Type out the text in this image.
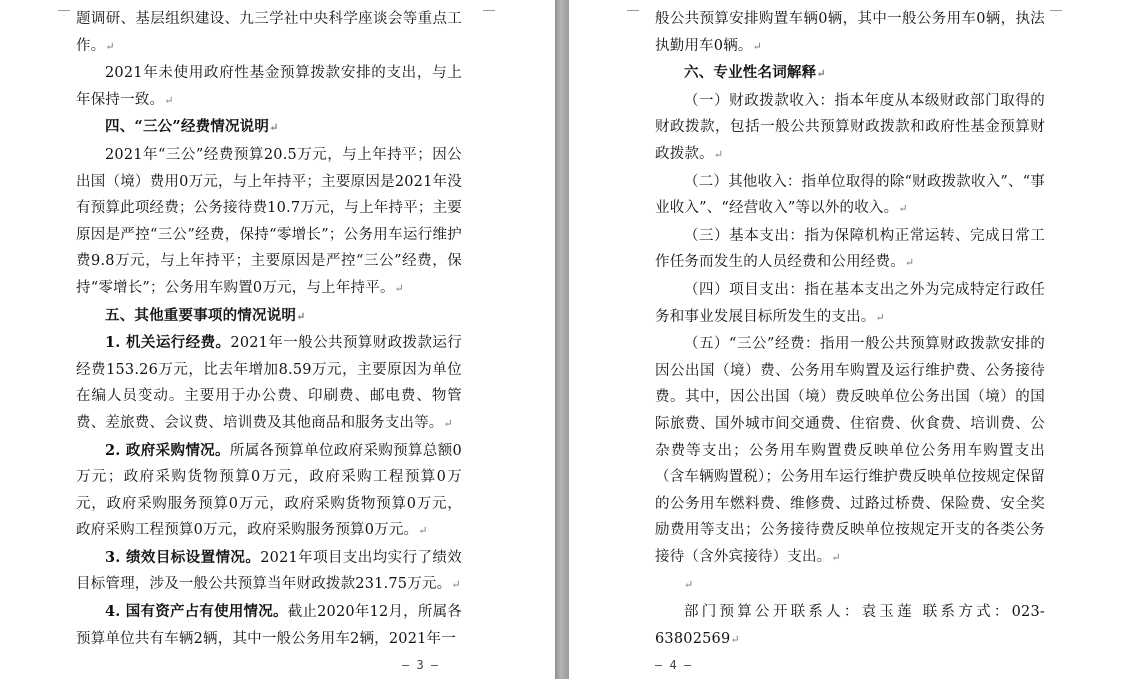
题调研、基层组织建设、九三学社中央科学座谈会等重点工作。↵

2021年未使用政府性基金预算拨款安排的支出，与上年保持一致。↵

四、“三公”经费情况说明↵

2021年“三公”经费预算20.5万元，与上年持平；因公出国（境）费用0万元，与上年持平；主要原因是2021年没有预算此项经费；公务接待费10.7万元，与上年持平；主要原因是严控“三公”经费，保持“零增长”；公务用车运行维护费9.8万元，与上年持平；主要原因是严控“三公”经费，保持“零增长”；公务用车购置0万元，与上年持平。↵

五、其他重要事项的情况说明↵

1. 机关运行经费。2021年一般公共预算财政拨款运行经费153.26万元，比去年增加8.59万元，主要原因为单位在编人员变动。主要用于办公费、印刷费、邮电费、物管费、差旅费、会议费、培训费及其他商品和服务支出等。↵

2. 政府采购情况。所属各预算单位政府采购预算总额0万元；政府采购货物预算0万元，政府采购工程预算0万元，政府采购服务预算0万元，政府采购货物预算0万元，政府采购工程预算0万元，政府采购服务预算0万元。↵

3. 绩效目标设置情况。2021年项目支出均实行了绩效目标管理，涉及一般公共预算当年财政拨款231.75万元。↵

4. 国有资产占有使用情况。截止2020年12月，所属各预算单位共有车辆2辆，其中一般公务用车2辆，2021年一

— 3 —

般公共预算安排购置车辆0辆，其中一般公务用车0辆，执法执勤用车0辆。↵

六、专业性名词解释↵

（一）财政拨款收入：指本年度从本级财政部门取得的财政拨款，包括一般公共预算财政拨款和政府性基金预算财政拨款。↵

（二）其他收入：指单位取得的除“财政拨款收入”、“事业收入”、“经营收入”等以外的收入。↵

（三）基本支出：指为保障机构正常运转、完成日常工作任务而发生的人员经费和公用经费。↵

（四）项目支出：指在基本支出之外为完成特定行政任务和事业发展目标所发生的支出。↵

（五）“三公”经费：指用一般公共预算财政拨款安排的因公出国（境）费、公务用车购置及运行维护费、公务接待费。其中，因公出国（境）费反映单位公务出国（境）的国际旅费、国外城市间交通费、住宿费、伙食费、培训费、公杂费等支出；公务用车购置费反映单位公务用车购置支出（含车辆购置税）；公务用车运行维护费反映单位按规定保留的公务用车燃料费、维修费、过路过桥费、保险费、安全奖励费用等支出；公务接待费反映单位按规定开支的各类公务接待（含外宾接待）支出。↵

↵

部门预算公开联系人：袁玉莲 联系方式：023-63802569↵

— 4 —
